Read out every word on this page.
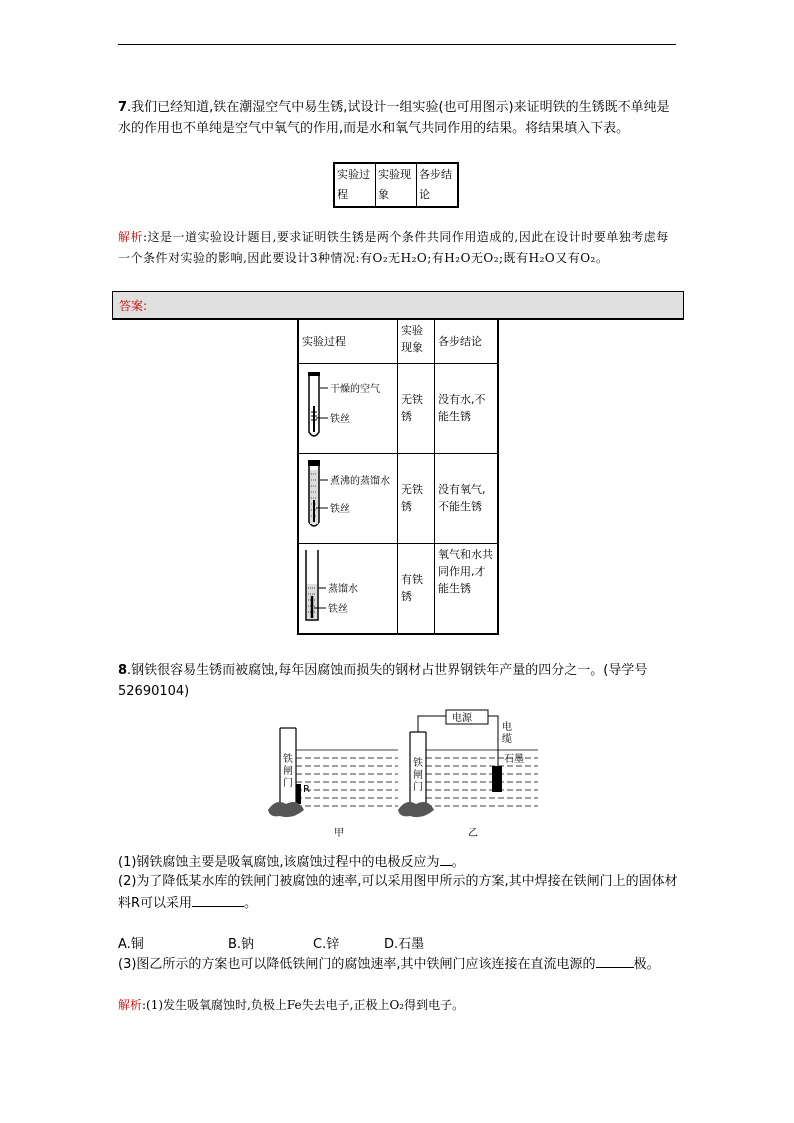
7.我们已经知道,铁在潮湿空气中易生锈,试设计一组实验(也可用图示)来证明铁的生锈既不单纯是水的作用也不单纯是空气中氧气的作用,而是水和氧气共同作用的结果。将结果填入下表。
实验过程	实验现象	各步结论
解析:这是一道实验设计题目,要求证明铁生锈是两个条件共同作用造成的,因此在设计时要单独考虑每一个条件对实验的影响,因此要设计3种情况:有O₂无H₂O;有H₂O无O₂;既有H₂O又有O₂。
答案:
实验过程	实验现象	各步结论

干燥的空气
铁丝	无铁锈	没有水,不能生锈

煮沸的蒸馏水
铁丝	无铁锈	没有氧气,不能生锈

蒸馏水
铁丝	有铁锈	氧气和水共同作用,才能生锈
8.钢铁很容易生锈而被腐蚀,每年因腐蚀而损失的钢材占世界钢铁年产量的四分之一。(导学号 52690104)
铁
闸
门
R
甲
电源
电
缆
石墨
铁
闸
门
乙
(1)钢铁腐蚀主要是吸氧腐蚀,该腐蚀过程中的电极反应为 。
(2)为了降低某水库的铁闸门被腐蚀的速率,可以采用图甲所示的方案,其中焊接在铁闸门上的固体材料R可以采用	。
A.铜	B.钠	C.锌	D.石墨
(3)图乙所示的方案也可以降低铁闸门的腐蚀速率,其中铁闸门应该连接在直流电源的	极。
解析:(1)发生吸氧腐蚀时,负极上Fe失去电子,正极上O₂得到电子。
